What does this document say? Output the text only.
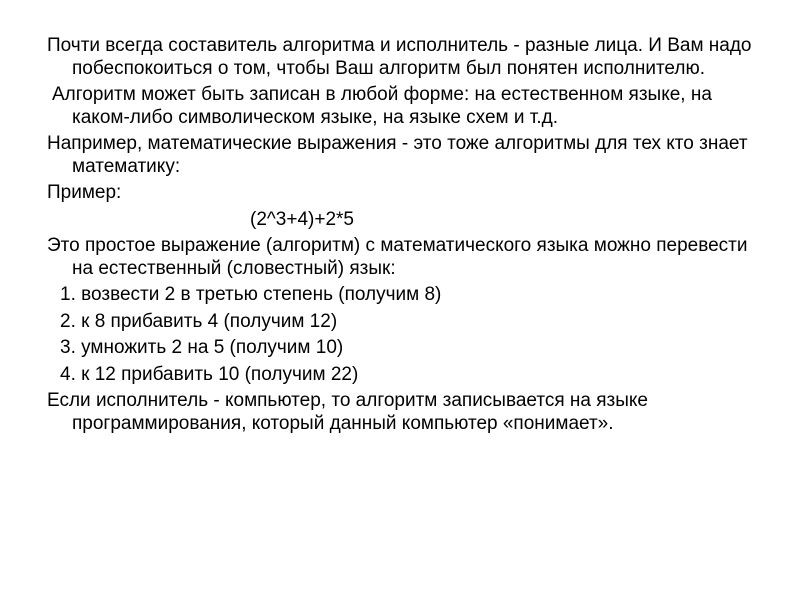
Почти всегда составитель алгоритма и исполнитель - разные лица. И Вам надо побеспокоиться о том, чтобы Ваш алгоритм был понятен исполнителю.

Алгоритм может быть записан в любой форме: на естественном языке, на каком-либо символическом языке, на языке схем и т.д.

Например, математические выражения - это тоже алгоритмы для тех кто знает математику:

Пример:

(2^3+4)+2*5

Это простое выражение (алгоритм) с математического языка можно перевести на естественный (словестный) язык:

1. возвести 2 в третью степень (получим 8)

2. к 8 прибавить 4 (получим 12)

3. умножить 2 на 5 (получим 10)

4. к 12 прибавить 10 (получим 22)

Если исполнитель - компьютер, то алгоритм записывается на языке программирования, который данный компьютер «понимает».
